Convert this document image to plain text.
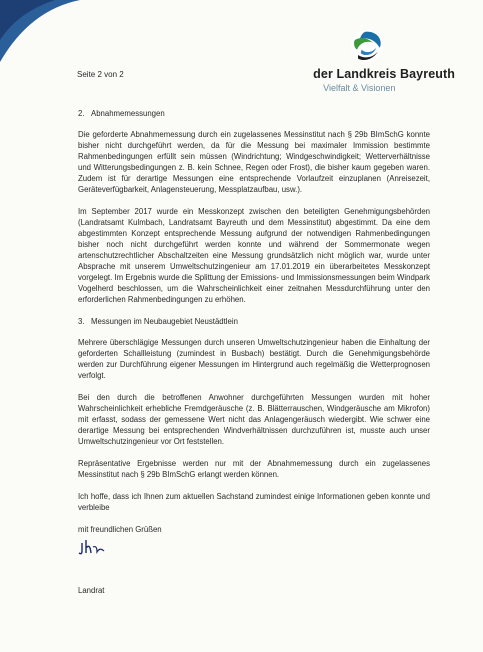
Seite 2 von 2	der Landkreis Bayreuth
Vielfalt & Visionen
2. Abnahmemessungen

Die geforderte Abnahmemessung durch ein zugelassenes Messinstitut nach § 29b BImSchG konnte bisher nicht durchgeführt werden, da für die Messung bei maximaler Immission bestimmte Rahmenbedingungen erfüllt sein müssen (Windrichtung; Windgeschwindigkeit; Wetterverhältnisse und Witterungsbedingungen z. B. kein Schnee, Regen oder Frost), die bisher kaum gegeben waren. Zudem ist für derartige Messungen eine entsprechende Vorlaufzeit einzuplanen (Anreisezeit, Geräteverfügbarkeit, Anlagensteuerung, Messplatzaufbau, usw.).

Im September 2017 wurde ein Messkonzept zwischen den beteiligten Genehmigungsbehörden (Landratsamt Kulmbach, Landratsamt Bayreuth und dem Messinstitut) abgestimmt. Da eine dem abgestimmten Konzept entsprechende Messung aufgrund der notwendigen Rahmenbedingungen bisher noch nicht durchgeführt werden konnte und während der Sommermonate wegen artenschutzrechtlicher Abschaltzeiten eine Messung grundsätzlich nicht möglich war, wurde unter Absprache mit unserem Umweltschutzingenieur am 17.01.2019 ein überarbeitetes Messkonzept vorgelegt. Im Ergebnis wurde die Splittung der Emissions- und Immissionsmessungen beim Windpark Vogelherd beschlossen, um die Wahrscheinlichkeit einer zeitnahen Messdurchführung unter den erforderlichen Rahmenbedingungen zu erhöhen.

3. Messungen im Neubaugebiet Neustädtlein

Mehrere überschlägige Messungen durch unseren Umweltschutzingenieur haben die Einhaltung der geforderten Schallleistung (zumindest in Busbach) bestätigt. Durch die Genehmigungsbehörde werden zur Durchführung eigener Messungen im Hintergrund auch regelmäßig die Wetterprognosen verfolgt.

Bei den durch die betroffenen Anwohner durchgeführten Messungen wurden mit hoher Wahrscheinlichkeit erhebliche Fremdgeräusche (z. B. Blätterrauschen, Windgeräusche am Mikrofon) mit erfasst, sodass der gemessene Wert nicht das Anlagengeräusch wiedergibt. Wie schwer eine derartige Messung bei entsprechenden Windverhältnissen durchzuführen ist, musste auch unser Umweltschutzingenieur vor Ort feststellen.

Repräsentative Ergebnisse werden nur mit der Abnahmemessung durch ein zugelassenes Messinstitut nach § 29b BImSchG erlangt werden können.

Ich hoffe, dass ich Ihnen zum aktuellen Sachstand zumindest einige Informationen geben konnte und verbleibe

mit freundlichen Grüßen
Landrat
